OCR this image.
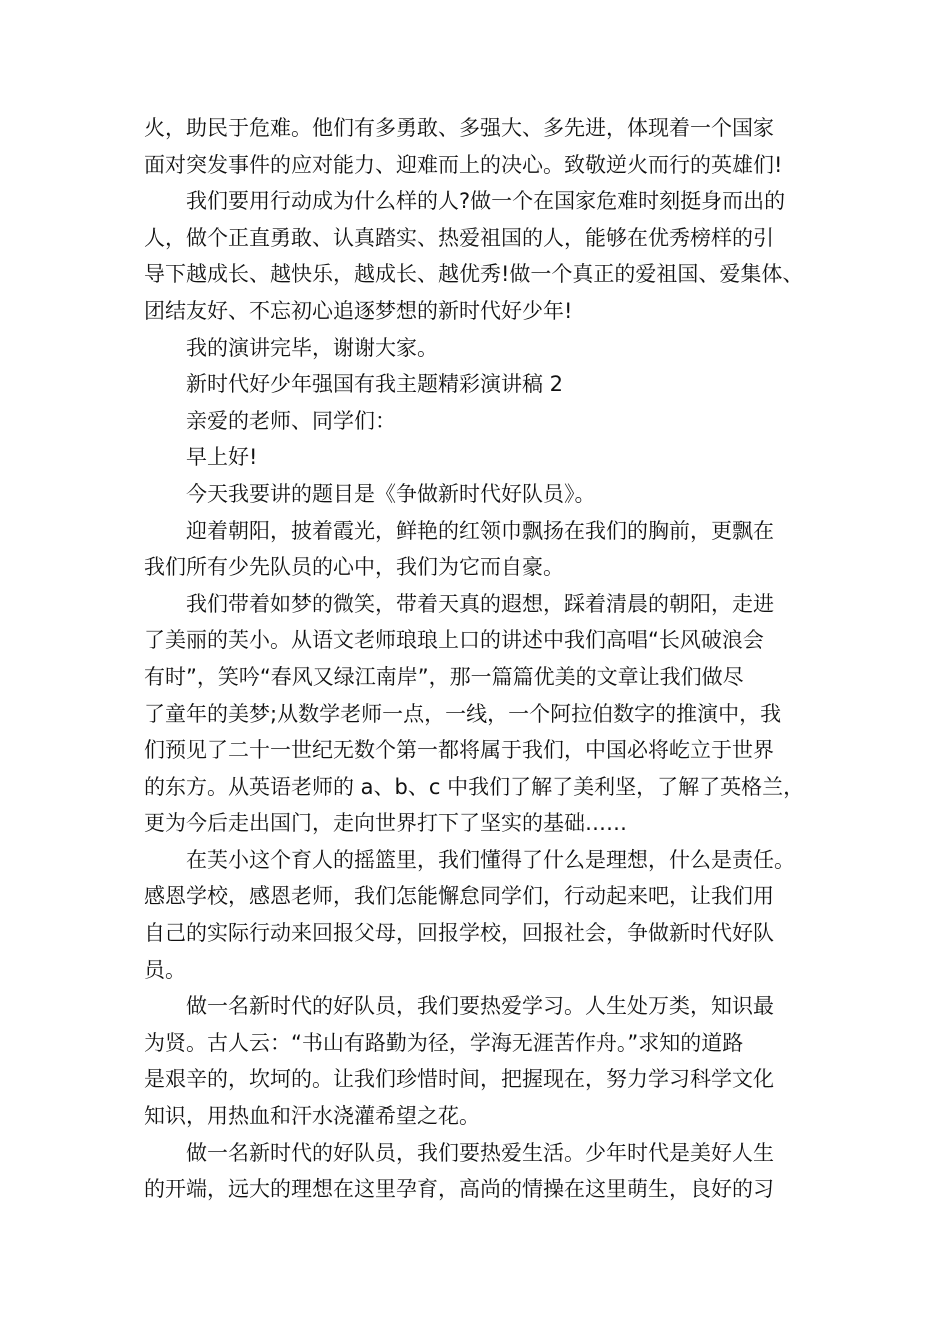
火，助民于危难。他们有多勇敢、多强大、多先进，体现着一个国家
面对突发事件的应对能力、迎难而上的决心。致敬逆火而行的英雄们!
我们要用行动成为什么样的人?做一个在国家危难时刻挺身而出的
人，做个正直勇敢、认真踏实、热爱祖国的人，能够在优秀榜样的引
导下越成长、越快乐，越成长、越优秀!做一个真正的爱祖国、爱集体、
团结友好、不忘初心追逐梦想的新时代好少年!
我的演讲完毕，谢谢大家。
新时代好少年强国有我主题精彩演讲稿 2
亲爱的老师、同学们：
早上好!
今天我要讲的题目是《争做新时代好队员》。
迎着朝阳，披着霞光，鲜艳的红领巾飘扬在我们的胸前，更飘在
我们所有少先队员的心中，我们为它而自豪。
我们带着如梦的微笑，带着天真的遐想，踩着清晨的朝阳，走进
了美丽的芙小。从语文老师琅琅上口的讲述中我们高唱“长风破浪会
有时”，笑吟“春风又绿江南岸”，那一篇篇优美的文章让我们做尽
了童年的美梦;从数学老师一点，一线，一个阿拉伯数字的推演中，我
们预见了二十一世纪无数个第一都将属于我们，中国必将屹立于世界
的东方。从英语老师的 a、b、c 中我们了解了美利坚，了解了英格兰，
更为今后走出国门，走向世界打下了坚实的基础……
在芙小这个育人的摇篮里，我们懂得了什么是理想，什么是责任。
感恩学校，感恩老师，我们怎能懈怠同学们，行动起来吧，让我们用
自己的实际行动来回报父母，回报学校，回报社会，争做新时代好队
员。
做一名新时代的好队员，我们要热爱学习。人生处万类，知识最
为贤。古人云：“书山有路勤为径，学海无涯苦作舟。”求知的道路
是艰辛的，坎坷的。让我们珍惜时间，把握现在，努力学习科学文化
知识，用热血和汗水浇灌希望之花。
做一名新时代的好队员，我们要热爱生活。少年时代是美好人生
的开端，远大的理想在这里孕育，高尚的情操在这里萌生，良好的习
